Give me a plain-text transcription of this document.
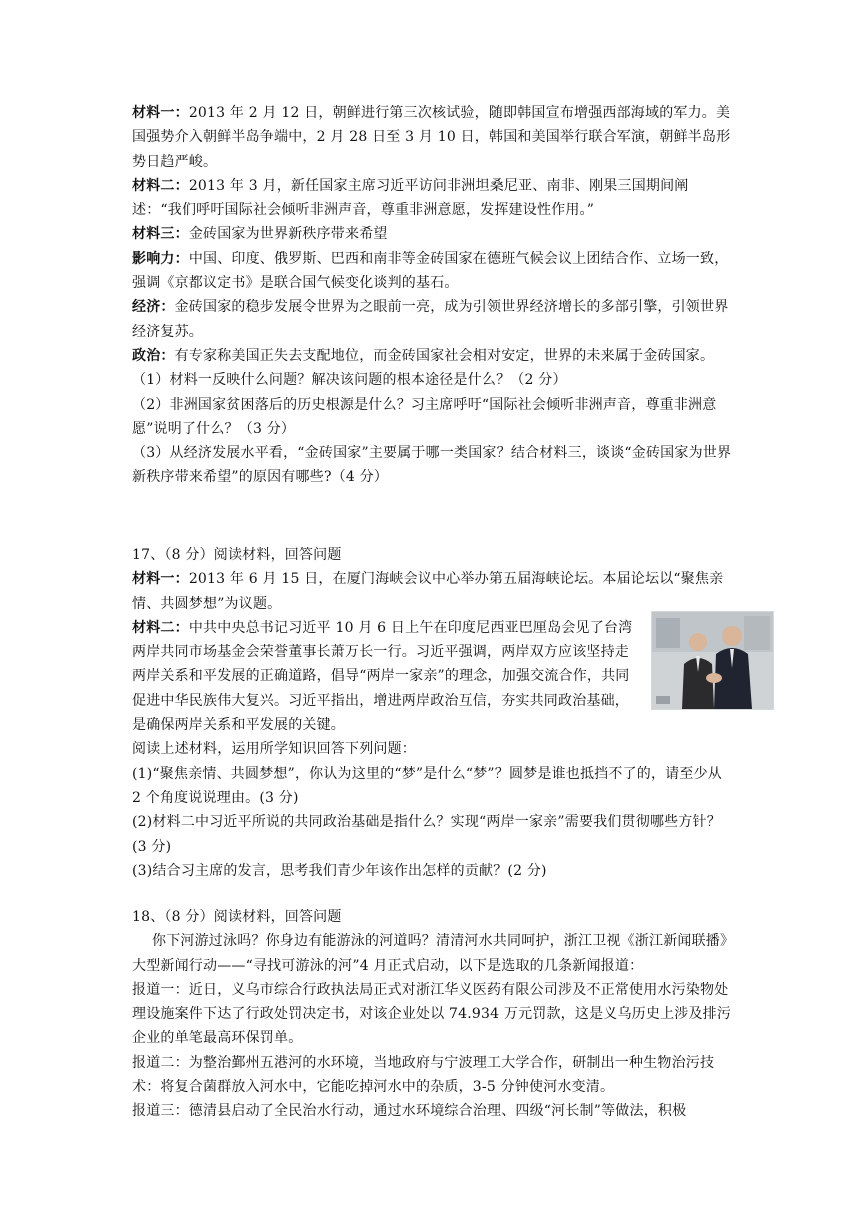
材料一：2013 年 2 月 12 日，朝鲜进行第三次核试验，随即韩国宣布增强西部海域的军力。美国强势介入朝鲜半岛争端中，2 月 28 日至 3 月 10 日，韩国和美国举行联合军演，朝鲜半岛形势日趋严峻。

材料二：2013 年 3 月，新任国家主席习近平访问非洲坦桑尼亚、南非、刚果三国期间阐述：“我们呼吁国际社会倾听非洲声音，尊重非洲意愿，发挥建设性作用。”

材料三：金砖国家为世界新秩序带来希望

影响力：中国、印度、俄罗斯、巴西和南非等金砖国家在德班气候会议上团结合作、立场一致，强调《京都议定书》是联合国气候变化谈判的基石。

经济：金砖国家的稳步发展令世界为之眼前一亮，成为引领世界经济增长的多部引擎，引领世界经济复苏。

政治：有专家称美国正失去支配地位，而金砖国家社会相对安定，世界的未来属于金砖国家。

（1）材料一反映什么问题？解决该问题的根本途径是什么？（2 分）

（2）非洲国家贫困落后的历史根源是什么？习主席呼吁“国际社会倾听非洲声音，尊重非洲意愿”说明了什么？（3 分）

（3）从经济发展水平看，“金砖国家”主要属于哪一类国家？结合材料三，谈谈“金砖国家为世界新秩序带来希望”的原因有哪些?（4 分）

17、（8 分）阅读材料，回答问题

材料一：2013 年 6 月 15 日，在厦门海峡会议中心举办第五届海峡论坛。本届论坛以“聚焦亲情、共圆梦想”为议题。

材料二：中共中央总书记习近平 10 月 6 日上午在印度尼西亚巴厘岛会见了台湾两岸共同市场基金会荣誉董事长萧万长一行。习近平强调，两岸双方应该坚持走两岸关系和平发展的正确道路，倡导“两岸一家亲”的理念，加强交流合作，共同促进中华民族伟大复兴。习近平指出，增进两岸政治互信，夯实共同政治基础，是确保两岸关系和平发展的关键。

阅读上述材料，运用所学知识回答下列问题：

(1)“聚焦亲情、共圆梦想”，你认为这里的“梦”是什么“梦”？圆梦是谁也抵挡不了的，请至少从 2 个角度说说理由。(3 分)

(2)材料二中习近平所说的共同政治基础是指什么？实现“两岸一家亲”需要我们贯彻哪些方针？(3 分)

(3)结合习主席的发言，思考我们青少年该作出怎样的贡献？(2 分)

18、（8 分）阅读材料，回答问题

你下河游过泳吗？你身边有能游泳的河道吗？清清河水共同呵护，浙江卫视《浙江新闻联播》大型新闻行动——“寻找可游泳的河”4 月正式启动，以下是选取的几条新闻报道：

报道一：近日，义乌市综合行政执法局正式对浙江华义医药有限公司涉及不正常使用水污染物处理设施案件下达了行政处罚决定书，对该企业处以 74.934 万元罚款，这是义乌历史上涉及排污企业的单笔最高环保罚单。

报道二：为整治鄞州五港河的水环境，当地政府与宁波理工大学合作，研制出一种生物治污技术：将复合菌群放入河水中，它能吃掉河水中的杂质，3-5 分钟使河水变清。

报道三：德清县启动了全民治水行动，通过水环境综合治理、四级“河长制”等做法，积极
